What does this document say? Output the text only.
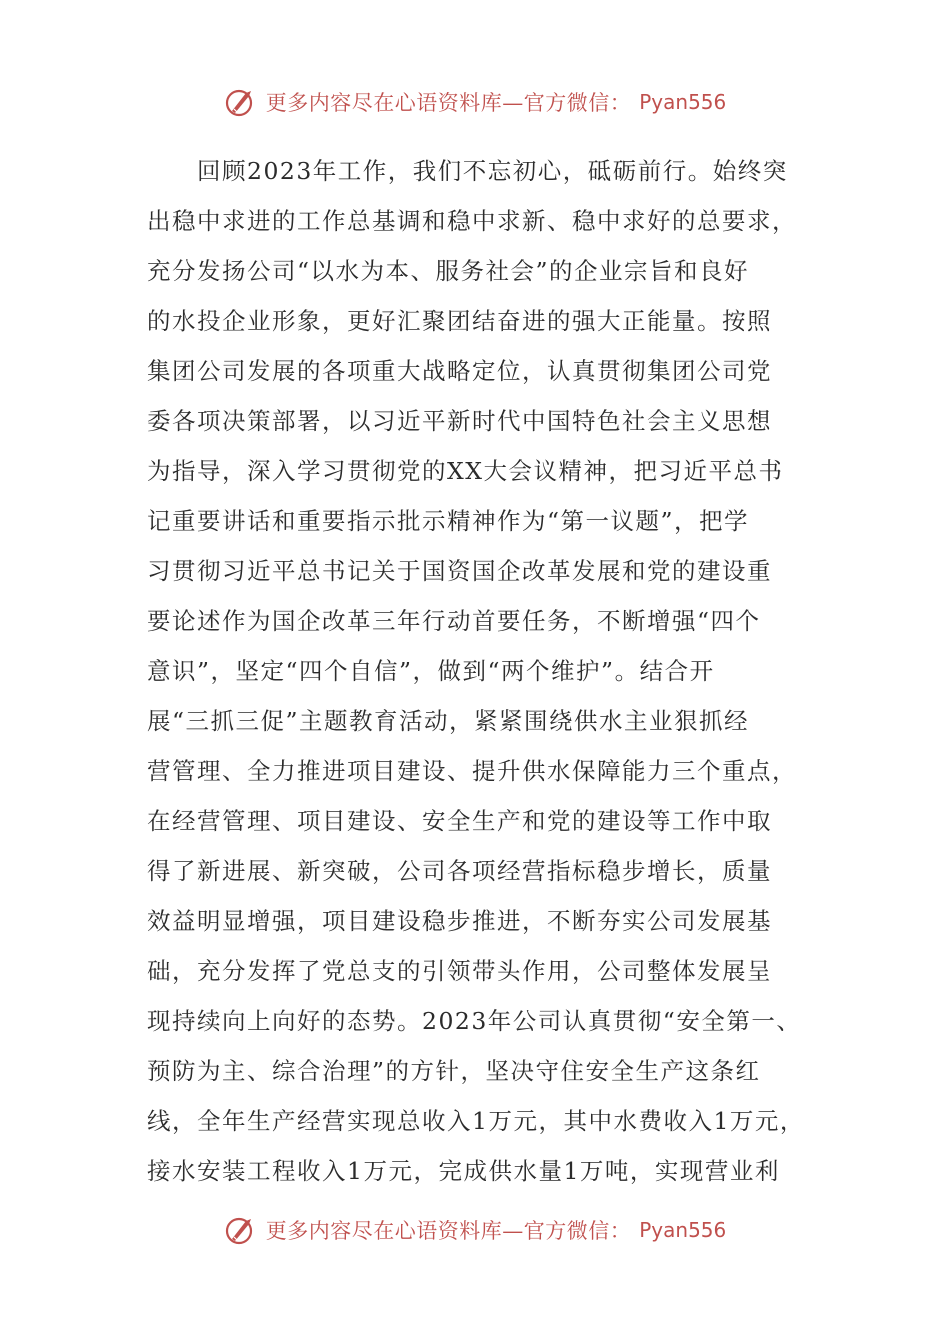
更多内容尽在心语资料库—官方微信： Pyan556
　　回顾2023年工作，我们不忘初心，砥砺前行。始终突
出稳中求进的工作总基调和稳中求新、稳中求好的总要求，
充分发扬公司“以水为本、服务社会”的企业宗旨和良好
的水投企业形象，更好汇聚团结奋进的强大正能量。按照
集团公司发展的各项重大战略定位，认真贯彻集团公司党
委各项决策部署，以习近平新时代中国特色社会主义思想
为指导，深入学习贯彻党的XX大会议精神，把习近平总书
记重要讲话和重要指示批示精神作为“第一议题”，把学
习贯彻习近平总书记关于国资国企改革发展和党的建设重
要论述作为国企改革三年行动首要任务，不断增强“四个
意识”，坚定“四个自信”，做到“两个维护”。结合开
展“三抓三促”主题教育活动，紧紧围绕供水主业狠抓经
营管理、全力推进项目建设、提升供水保障能力三个重点，
在经营管理、项目建设、安全生产和党的建设等工作中取
得了新进展、新突破，公司各项经营指标稳步增长，质量
效益明显增强，项目建设稳步推进，不断夯实公司发展基
础，充分发挥了党总支的引领带头作用，公司整体发展呈
现持续向上向好的态势。2023年公司认真贯彻“安全第一、
预防为主、综合治理”的方针，坚决守住安全生产这条红
线，全年生产经营实现总收入1万元，其中水费收入1万元，
接水安装工程收入1万元，完成供水量1万吨，实现营业利
更多内容尽在心语资料库—官方微信： Pyan556
